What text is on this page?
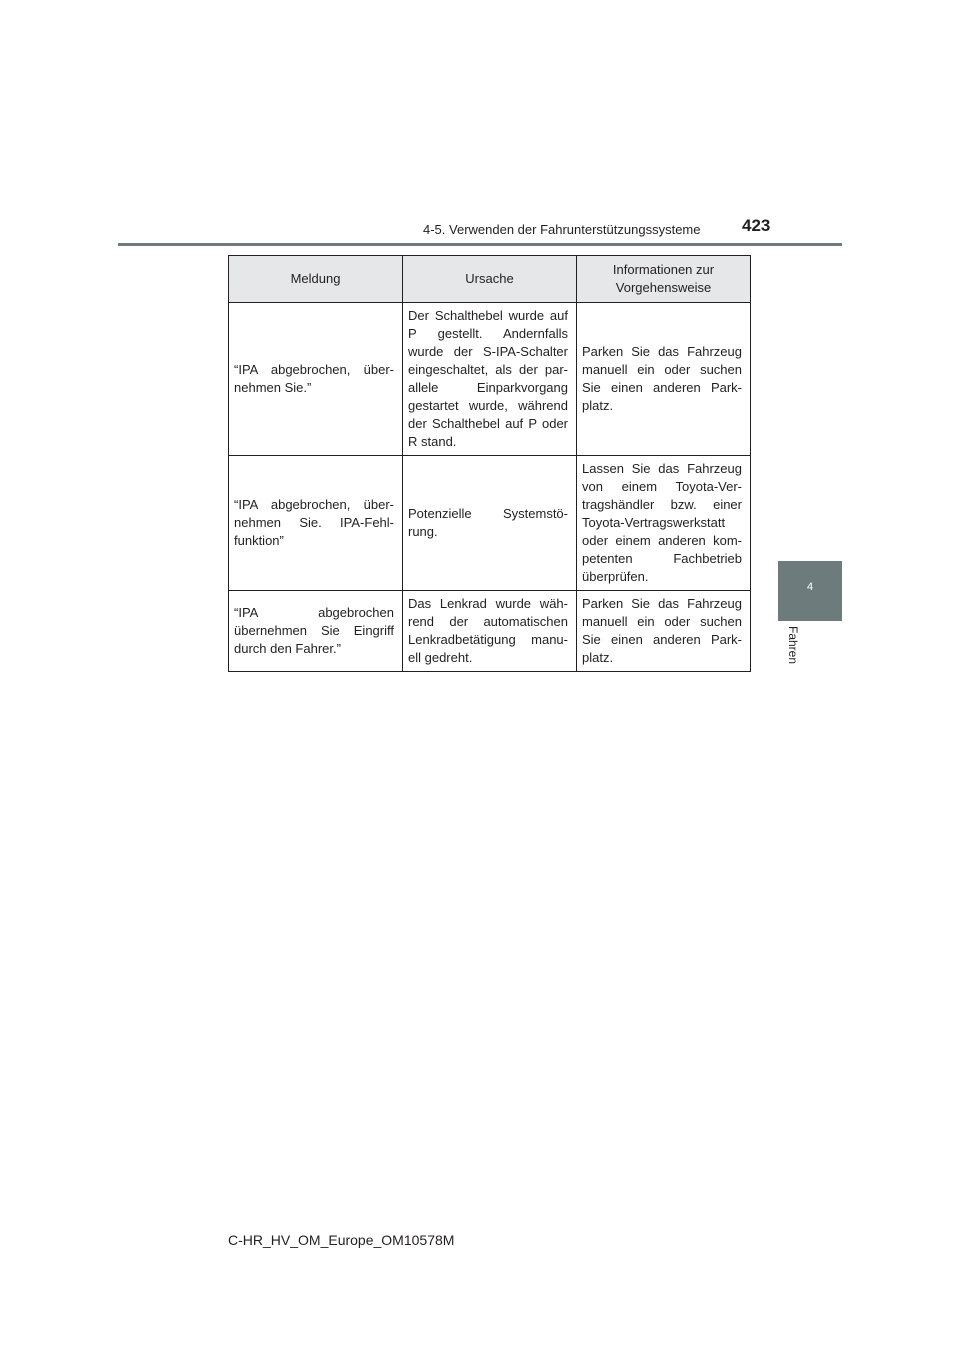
4-5. Verwenden der Fahrunterstützungssysteme 423
4
Fahren
Meldung	Ursache	Informationen zur Vorgehensweise
“IPA abgebrochen, über-nehmen Sie.”	Der Schalthebel wurde auf P gestellt. Andernfalls wurde der S-IPA-Schalter eingeschaltet, als der par-allele Einparkvorgang gestartet wurde, während der Schalthebel auf P oder R stand.	Parken Sie das Fahrzeug manuell ein oder suchen Sie einen anderen Park-platz.
“IPA abgebrochen, über-nehmen Sie. IPA-Fehl-funktion”	Potenzielle Systemstö-rung.	Lassen Sie das Fahrzeug von einem Toyota-Ver-tragshändler bzw. einer Toyota-Vertragswerkstatt oder einem anderen kom-petenten Fachbetrieb überprüfen.
“IPA abgebrochen übernehmen Sie Eingriff durch den Fahrer.”	Das Lenkrad wurde wäh-rend der automatischen Lenkradbetätigung manu-ell gedreht.	Parken Sie das Fahrzeug manuell ein oder suchen Sie einen anderen Park-platz.
C-HR_HV_OM_Europe_OM10578M
